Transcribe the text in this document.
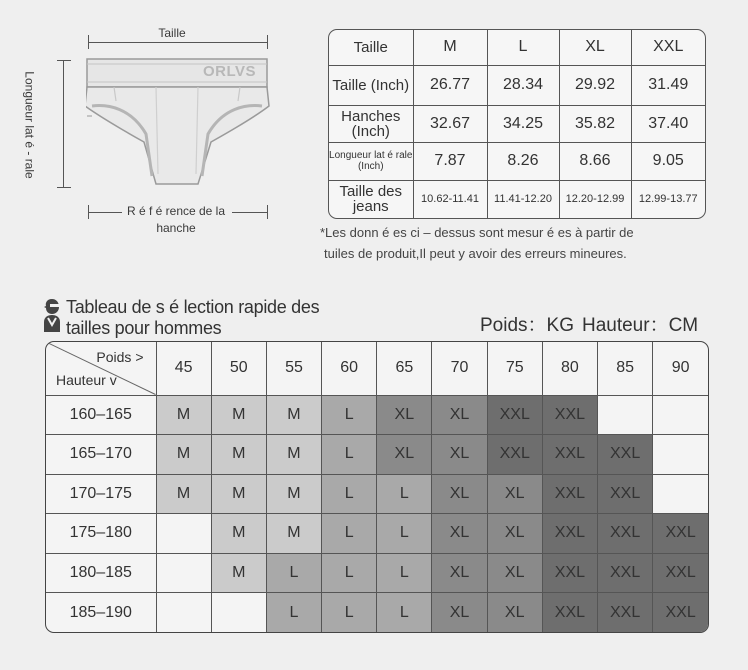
Taille
Longueur lat é - rale	ORLVS
R é f é rence de la hanche
Taille	M	L	XL	XXL
Taille (Inch)	26.77	28.34	29.92	31.49
Hanches (Inch)	32.67	34.25	35.82	37.40
Longueur lat é rale (Inch)	7.87	8.26	8.66	9.05
Taille des jeans	10.62-11.41	11.41-12.20	12.20-12.99	12.99-13.77
*Les donn é es ci – dessus sont mesur é es à partir de
tuiles de produit,Il peut y avoir des erreurs mineures.
Tableau de s é lection rapide des
tailles pour hommes	Poids：KG Hauteur：CM
Poids >
Hauteur v	45	50	55	60	65	70	75	80	85	90
160–165	M	M	M	L	XL	XL	XXL	XXL		
165–170	M	M	M	L	XL	XL	XXL	XXL	XXL	
170–175	M	M	M	L	L	XL	XL	XXL	XXL	
175–180		M	M	L	L	XL	XL	XXL	XXL	XXL
180–185		M	L	L	L	XL	XL	XXL	XXL	XXL
185–190			L	L	L	XL	XL	XXL	XXL	XXL
